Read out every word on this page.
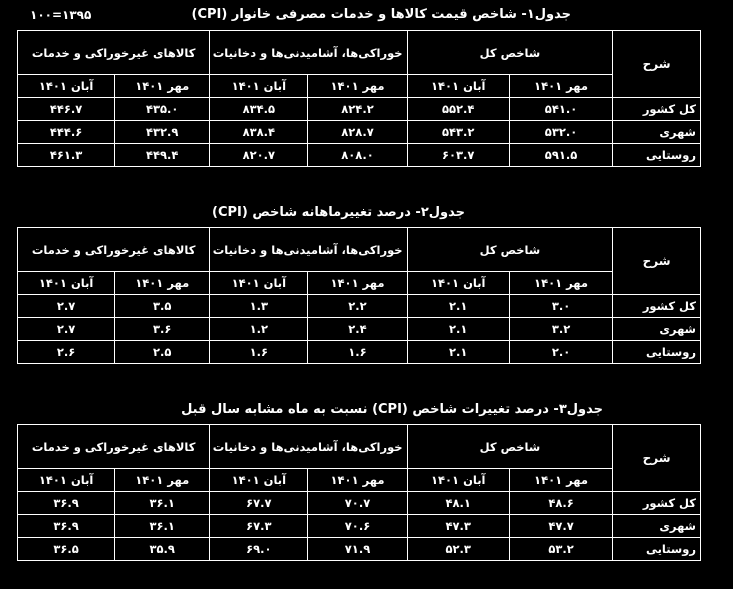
۱۰۰=۱۳۹۵	جدول۱- شاخص قیمت کالاها و خدمات مصرفی خانوار (CPI)
شرح	شاخص کل		خوراکی‌ها، آشامیدنی‌ها و دخانیات		کالاهای غیرخوراکی و خدمات	
	مهر ۱۴۰۱	آبان ۱۴۰۱	مهر ۱۴۰۱	آبان ۱۴۰۱	مهر ۱۴۰۱	آبان ۱۴۰۱
کل کشور	۵۴۱.۰	۵۵۲.۴	۸۲۴.۲	۸۳۴.۵	۴۳۵.۰	۴۴۶.۷
شهری	۵۳۲.۰	۵۴۳.۲	۸۲۸.۷	۸۳۸.۴	۴۳۲.۹	۴۴۴.۶
روستایی	۵۹۱.۵	۶۰۳.۷	۸۰۸.۰	۸۲۰.۷	۴۴۹.۴	۴۶۱.۳
جدول۲- درصد تغییرماهانه شاخص (CPI)
شرح	شاخص کل		خوراکی‌ها، آشامیدنی‌ها و دخانیات		کالاهای غیرخوراکی و خدمات	
	مهر ۱۴۰۱	آبان ۱۴۰۱	مهر ۱۴۰۱	آبان ۱۴۰۱	مهر ۱۴۰۱	آبان ۱۴۰۱
کل کشور	۳.۰	۲.۱	۲.۲	۱.۳	۳.۵	۲.۷
شهری	۳.۲	۲.۱	۲.۴	۱.۲	۳.۶	۲.۷
روستایی	۲.۰	۲.۱	۱.۶	۱.۶	۲.۵	۲.۶
جدول۳- درصد تغییرات شاخص (CPI) نسبت به ماه مشابه سال قبل
شرح	شاخص کل		خوراکی‌ها، آشامیدنی‌ها و دخانیات		کالاهای غیرخوراکی و خدمات	
	مهر ۱۴۰۱	آبان ۱۴۰۱	مهر ۱۴۰۱	آبان ۱۴۰۱	مهر ۱۴۰۱	آبان ۱۴۰۱
کل کشور	۴۸.۶	۴۸.۱	۷۰.۷	۶۷.۷	۳۶.۱	۳۶.۹
شهری	۴۷.۷	۴۷.۳	۷۰.۶	۶۷.۳	۳۶.۱	۳۶.۹
روستایی	۵۳.۲	۵۲.۳	۷۱.۹	۶۹.۰	۳۵.۹	۳۶.۵
